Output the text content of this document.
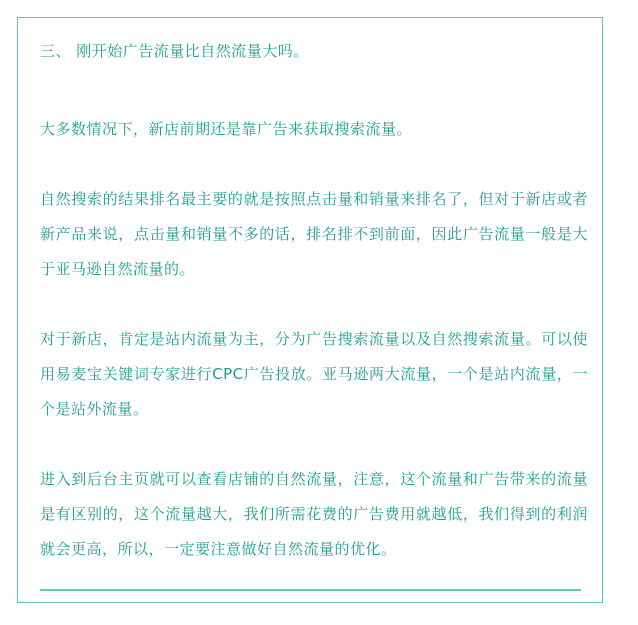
三、 刚开始广告流量比自然流量大吗。

大多数情况下，新店前期还是靠广告来获取搜索流量。

自然搜索的结果排名最主要的就是按照点击量和销量来排名了，但对于新店或者新产品来说，点击量和销量不多的话，排名排不到前面，因此广告流量一般是大于亚马逊自然流量的。

对于新店，肯定是站内流量为主，分为广告搜索流量以及自然搜索流量。可以使用易麦宝关键词专家进行CPC广告投放。亚马逊两大流量，一个是站内流量，一个是站外流量。

进入到后台主页就可以查看店铺的自然流量，注意，这个流量和广告带来的流量是有区别的，这个流量越大，我们所需花费的广告费用就越低，我们得到的利润就会更高，所以，一定要注意做好自然流量的优化。
